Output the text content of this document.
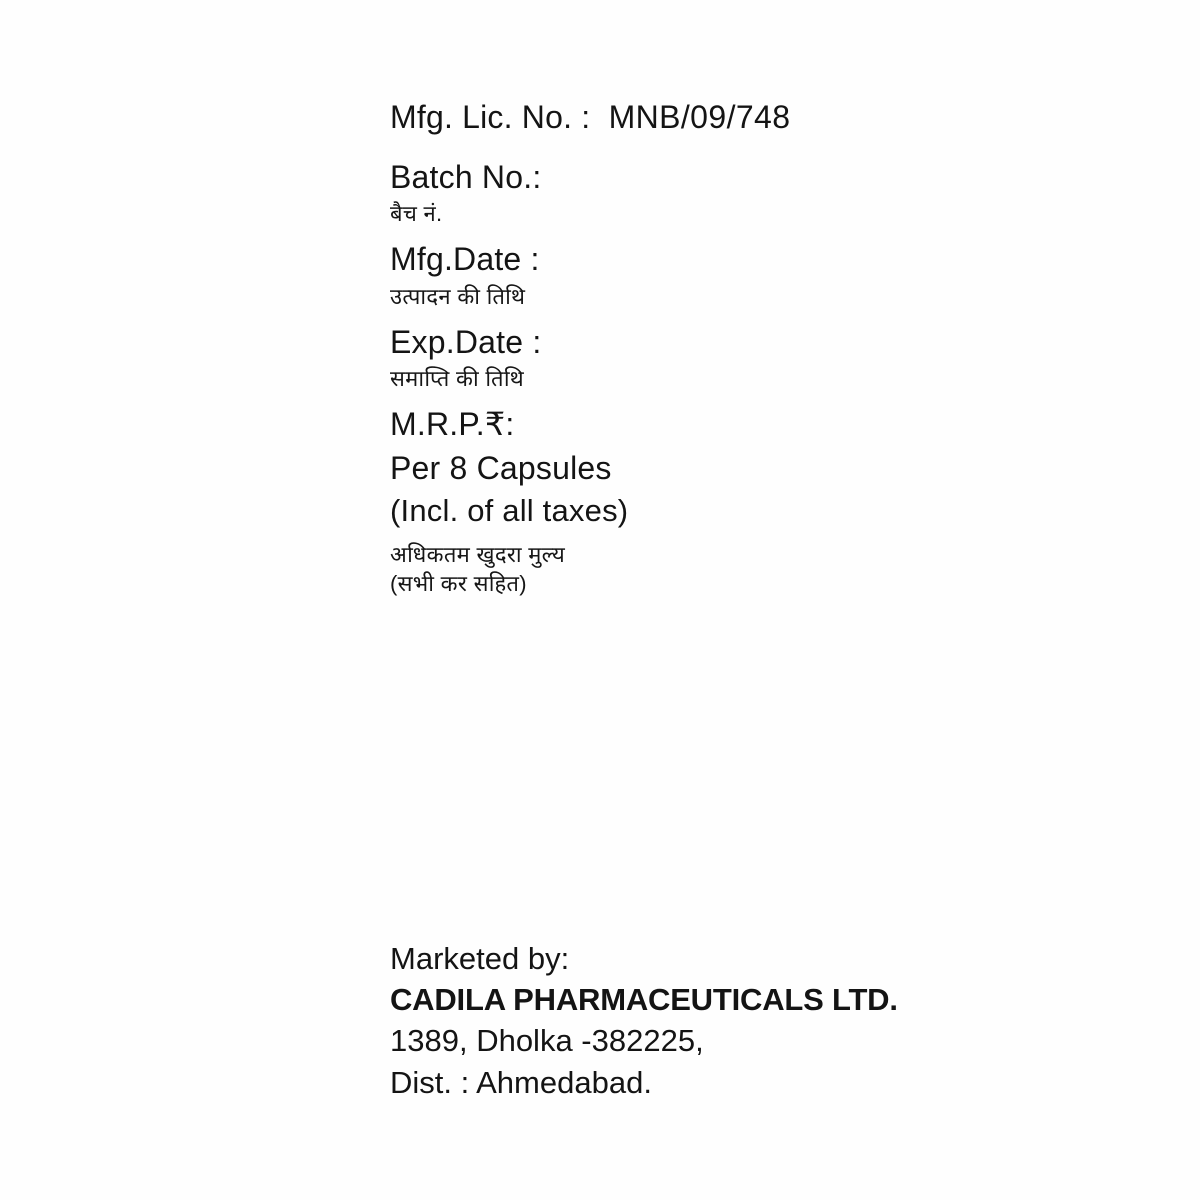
Mfg. Lic. No. : MNB/09/748
Batch No.:
बैच नं.
Mfg.Date :
उत्पादन की तिथि
Exp.Date :
समाप्ति की तिथि
M.R.P.₹:
Per 8 Capsules
(Incl. of all taxes)
अधिकतम खुदरा मुल्य
(सभी कर सहित)
Marketed by:
CADILA PHARMACEUTICALS LTD.
1389, Dholka -382225,
Dist. : Ahmedabad.
